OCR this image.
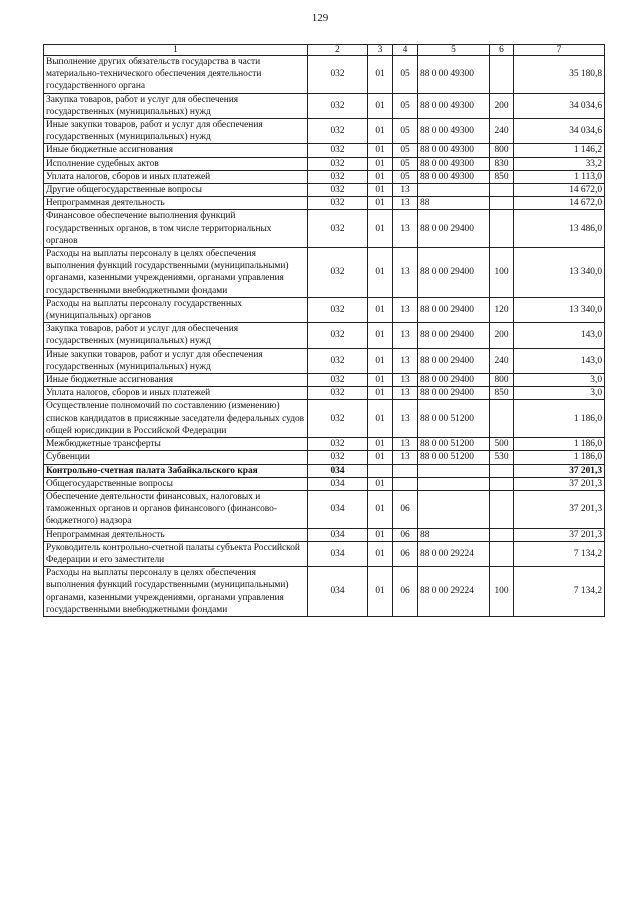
129
1	2	3	4	5	6	7
Выполнение других обязательств государства в части материально-технического обеспечения деятельности государственного органа	032	01	05	88 0 00 49300		35 180,8
Закупка товаров, работ и услуг для обеспечения государственных (муниципальных) нужд	032	01	05	88 0 00 49300	200	34 034,6
Иные закупки товаров, работ и услуг для обеспечения государственных (муниципальных) нужд	032	01	05	88 0 00 49300	240	34 034,6
Иные бюджетные ассигнования	032	01	05	88 0 00 49300	800	1 146,2
Исполнение судебных актов	032	01	05	88 0 00 49300	830	33,2
Уплата налогов, сборов и иных платежей	032	01	05	88 0 00 49300	850	1 113,0
Другие общегосударственные вопросы	032	01	13			14 672,0
Непрограммная деятельность	032	01	13	88		14 672,0
Финансовое обеспечение выполнения функций государственных органов, в том числе территориальных органов	032	01	13	88 0 00 29400		13 486,0
Расходы на выплаты персоналу в целях обеспечения выполнения функций государственными (муниципальными) органами, казенными учреждениями, органами управления государственными внебюджетными фондами	032	01	13	88 0 00 29400	100	13 340,0
Расходы на выплаты персоналу государственных (муниципальных) органов	032	01	13	88 0 00 29400	120	13 340,0
Закупка товаров, работ и услуг для обеспечения государственных (муниципальных) нужд	032	01	13	88 0 00 29400	200	143,0
Иные закупки товаров, работ и услуг для обеспечения государственных (муниципальных) нужд	032	01	13	88 0 00 29400	240	143,0
Иные бюджетные ассигнования	032	01	13	88 0 00 29400	800	3,0
Уплата налогов, сборов и иных платежей	032	01	13	88 0 00 29400	850	3,0
Осуществление полномочий по составлению (изменению) списков кандидатов в присяжные заседатели федеральных судов общей юрисдикции в Российской Федерации	032	01	13	88 0 00 51200		1 186,0
Межбюджетные трансферты	032	01	13	88 0 00 51200	500	1 186,0
Субвенции	032	01	13	88 0 00 51200	530	1 186,0
Контрольно-счетная палата Забайкальского края	034					37 201,3
Общегосударственные вопросы	034	01				37 201,3
Обеспечение деятельности финансовых, налоговых и таможенных органов и органов финансового (финансово-бюджетного) надзора	034	01	06			37 201,3
Непрограммная деятельность	034	01	06	88		37 201,3
Руководитель контрольно-счетной палаты субъекта Российской Федерации и его заместители	034	01	06	88 0 00 29224		7 134,2
Расходы на выплаты персоналу в целях обеспечения выполнения функций государственными (муниципальными) органами, казенными учреждениями, органами управления государственными внебюджетными фондами	034	01	06	88 0 00 29224	100	7 134,2
